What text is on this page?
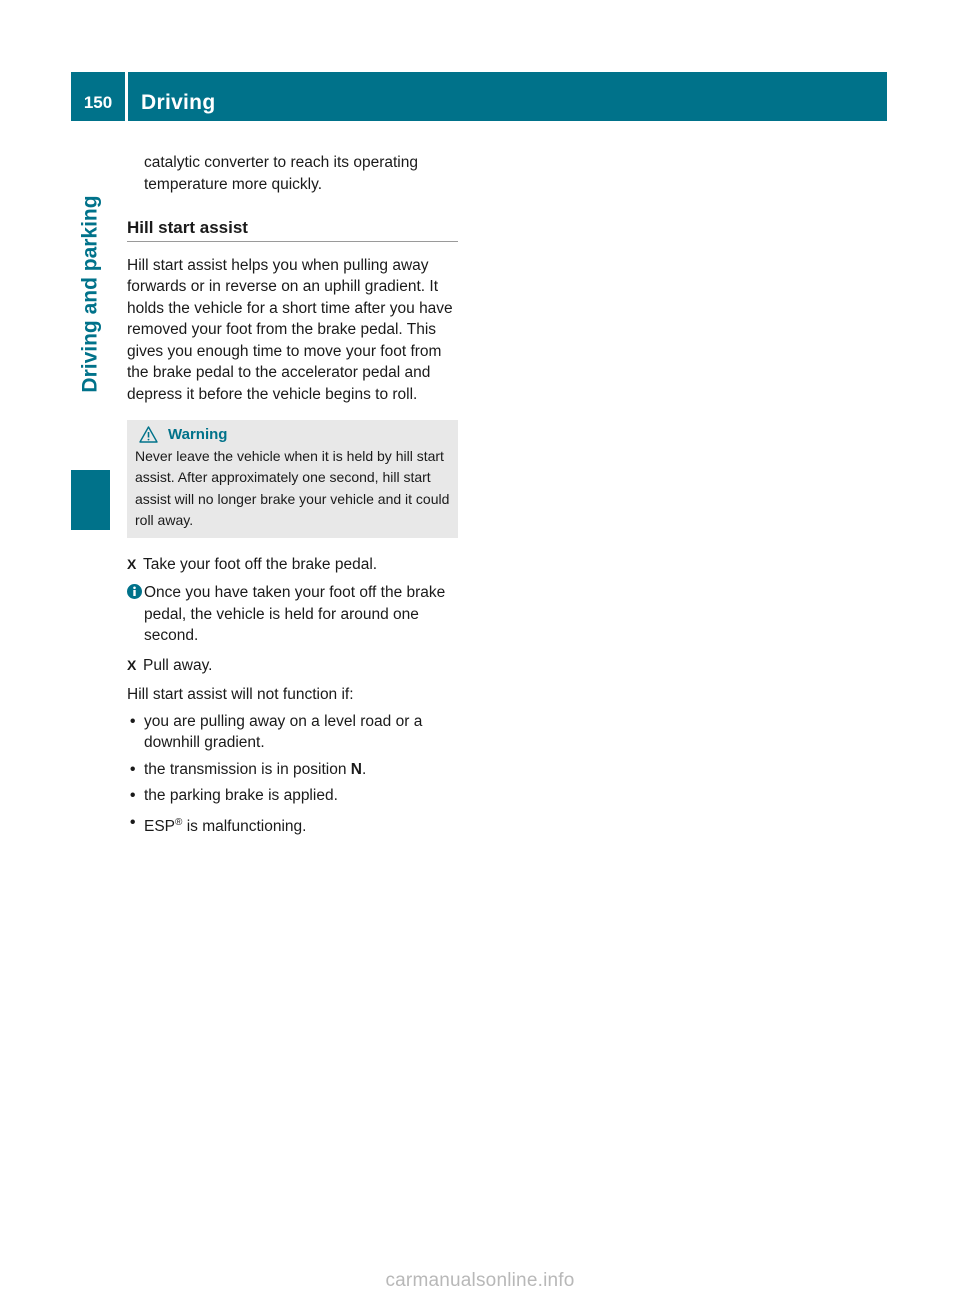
150	Driving
Driving and parking

catalytic converter to reach its operating temperature more quickly.

Hill start assist

Hill start assist helps you when pulling away forwards or in reverse on an uphill gradient. It holds the vehicle for a short time after you have removed your foot from the brake pedal. This gives you enough time to move your foot from the brake pedal to the accelerator pedal and depress it before the vehicle begins to roll.

Warning

Never leave the vehicle when it is held by hill start assist. After approximately one second, hill start assist will no longer brake your vehicle and it could roll away.

X Take your foot off the brake pedal.
Once you have taken your foot off the brake pedal, the vehicle is held for around one second.
X Pull away.

Hill start assist will not function if:

• you are pulling away on a level road or a downhill gradient.
• the transmission is in position N.
• the parking brake is applied.
• ESP® is malfunctioning.
carmanualsonline.info
